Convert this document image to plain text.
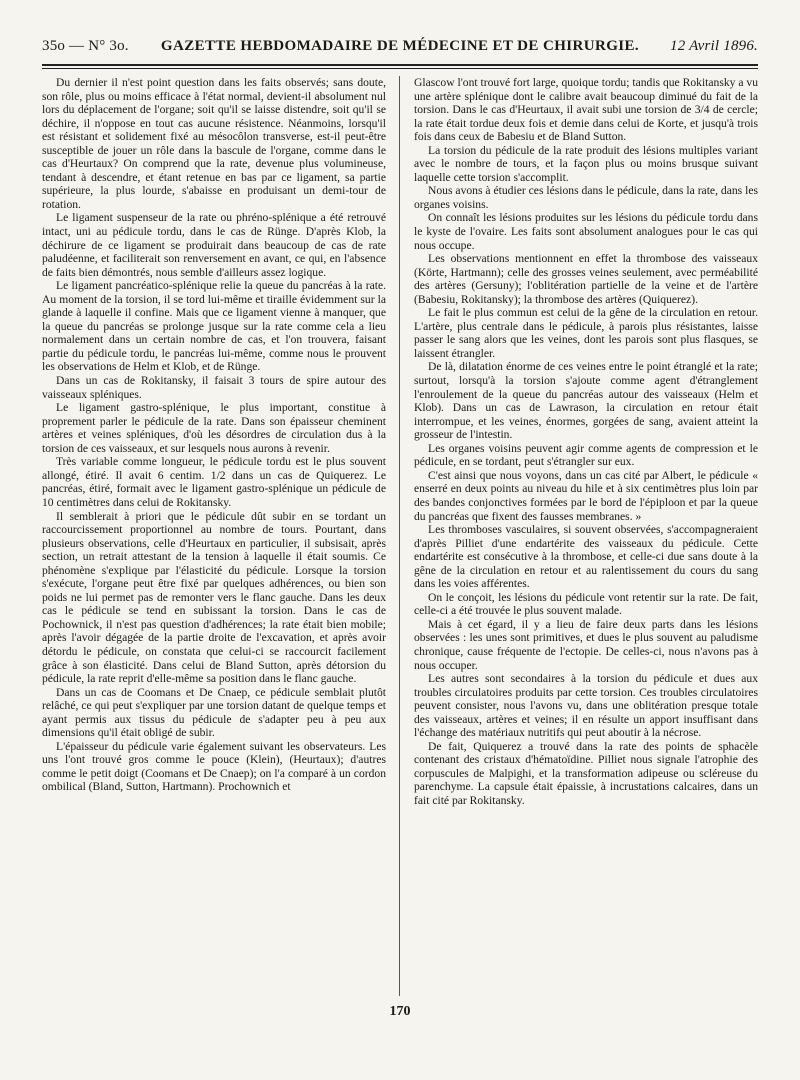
35o — N° 3o.	GAZETTE HEBDOMADAIRE DE MÉDECINE ET DE CHIRURGIE.	12 Avril 1896.

Du dernier il n'est point question dans les faits observés; sans doute, son rôle, plus ou moins efficace à l'état normal, devient-il absolument nul lors du déplacement de l'organe; soit qu'il se laisse distendre, soit qu'il se déchire, il n'oppose en tout cas aucune résistence. Néanmoins, lorsqu'il est résistant et solidement fixé au mésocôlon transverse, est-il peut-être susceptible de jouer un rôle dans la bascule de l'organe, comme dans le cas d'Heurtaux? On comprend que la rate, devenue plus volumineuse, tendant à descendre, et étant retenue en bas par ce ligament, sa partie supérieure, la plus lourde, s'abaisse en produisant un demi-tour de rotation.

Le ligament suspenseur de la rate ou phréno-splénique a été retrouvé intact, uni au pédicule tordu, dans le cas de Rünge. D'après Klob, la déchirure de ce ligament se produirait dans beaucoup de cas de rate paludéenne, et faciliterait son renversement en avant, ce qui, en l'absence de faits bien démontrés, nous semble d'ailleurs assez logique.

Le ligament pancréatico-splénique relie la queue du pancréas à la rate. Au moment de la torsion, il se tord lui-même et tiraille évidemment sur la glande à laquelle il confine. Mais que ce ligament vienne à manquer, que la queue du pancréas se prolonge jusque sur la rate comme cela a lieu normalement dans un certain nombre de cas, et l'on trouvera, faisant partie du pédicule tordu, le pancréas lui-même, comme nous le prouvent les observations de Helm et Klob, et de Rünge.

Dans un cas de Rokitansky, il faisait 3 tours de spire autour des vaisseaux spléniques.

Le ligament gastro-splénique, le plus important, constitue à proprement parler le pédicule de la rate. Dans son épaisseur cheminent artères et veines spléniques, d'où les désordres de circulation dus à la torsion de ces vaisseaux, et sur lesquels nous aurons à revenir.

Très variable comme longueur, le pédicule tordu est le plus souvent allongé, étiré. Il avait 6 centim. 1/2 dans un cas de Quiquerez. Le pancréas, étiré, formait avec le ligament gastro-splénique un pédicule de 10 centimètres dans celui de Rokitansky.

Il semblerait à priori que le pédicule dût subir en se tordant un raccourcissement proportionnel au nombre de tours. Pourtant, dans plusieurs observations, celle d'Heurtaux en particulier, il subsisait, après section, un retrait attestant de la tension à laquelle il était soumis. Ce phénomène s'explique par l'élasticité du pédicule. Lorsque la torsion s'exécute, l'organe peut être fixé par quelques adhérences, ou bien son poids ne lui permet pas de remonter vers le flanc gauche. Dans les deux cas le pédicule se tend en subissant la torsion. Dans le cas de Pochownick, il n'est pas question d'adhérences; la rate était bien mobile; après l'avoir dégagée de la partie droite de l'excavation, et après avoir détordu le pédicule, on constata que celui-ci se raccourcit facilement grâce à son élasticité. Dans celui de Bland Sutton, après détorsion du pédicule, la rate reprit d'elle-même sa position dans le flanc gauche.

Dans un cas de Coomans et De Cnaep, ce pédicule semblait plutôt relâché, ce qui peut s'expliquer par une torsion datant de quelque temps et ayant permis aux tissus du pédicule de s'adapter peu à peu aux dimensions qu'il était obligé de subir.

L'épaisseur du pédicule varie également suivant les observateurs. Les uns l'ont trouvé gros comme le pouce (Klein), (Heurtaux); d'autres comme le petit doigt (Coomans et De Cnaep); on l'a comparé à un cordon ombilical (Bland, Sutton, Hartmann). Prochownich et

Glascow l'ont trouvé fort large, quoique tordu; tandis que Rokitansky a vu une artère splénique dont le calibre avait beaucoup diminué du fait de la torsion. Dans le cas d'Heurtaux, il avait subi une torsion de 3/4 de cercle; la rate était tordue deux fois et demie dans celui de Korte, et jusqu'à trois fois dans ceux de Babesiu et de Bland Sutton.

La torsion du pédicule de la rate produit des lésions multiples variant avec le nombre de tours, et la façon plus ou moins brusque suivant laquelle cette torsion s'accomplit.

Nous avons à étudier ces lésions dans le pédicule, dans la rate, dans les organes voisins.

On connaît les lésions produites sur les lésions du pédicule tordu dans le kyste de l'ovaire. Les faits sont absolument analogues pour le cas qui nous occupe.

Les observations mentionnent en effet la thrombose des vaisseaux (Körte, Hartmann); celle des grosses veines seulement, avec perméabilité des artères (Gersuny); l'oblitération partielle de la veine et de l'artère (Babesiu, Rokitansky); la thrombose des artères (Quiquerez).

Le fait le plus commun est celui de la gêne de la circulation en retour. L'artère, plus centrale dans le pédicule, à parois plus résistantes, laisse passer le sang alors que les veines, dont les parois sont plus flasques, se laissent étrangler.

De là, dilatation énorme de ces veines entre le point étranglé et la rate; surtout, lorsqu'à la torsion s'ajoute comme agent d'étranglement l'enroulement de la queue du pancréas autour des vaisseaux (Helm et Klob). Dans un cas de Lawrason, la circulation en retour était interrompue, et les veines, énormes, gorgées de sang, avaient atteint la grosseur de l'intestin.

Les organes voisins peuvent agir comme agents de compression et le pédicule, en se tordant, peut s'étrangler sur eux.

C'est ainsi que nous voyons, dans un cas cité par Albert, le pédicule « enserré en deux points au niveau du hile et à six centimètres plus loin par des bandes conjonctives formées par le bord de l'épiploon et par la queue du pancréas que fixent des fausses membranes. »

Les thromboses vasculaires, si souvent observées, s'accompagneraient d'après Pilliet d'une endartérite des vaisseaux du pédicule. Cette endartérite est consécutive à la thrombose, et celle-ci due sans doute à la gêne de la circulation en retour et au ralentissement du cours du sang dans les voies afférentes.

On le conçoit, les lésions du pédicule vont retentir sur la rate. De fait, celle-ci a été trouvée le plus souvent malade.

Mais à cet égard, il y a lieu de faire deux parts dans les lésions observées : les unes sont primitives, et dues le plus souvent au paludisme chronique, cause fréquente de l'ectopie. De celles-ci, nous n'avons pas à nous occuper.

Les autres sont secondaires à la torsion du pédicule et dues aux troubles circulatoires produits par cette torsion. Ces troubles circulatoires peuvent consister, nous l'avons vu, dans une oblitération presque totale des vaisseaux, artères et veines; il en résulte un apport insuffisant dans l'échange des matériaux nutritifs qui peut aboutir à la nécrose.

De fait, Quiquerez a trouvé dans la rate des points de sphacèle contenant des cristaux d'hématoïdine. Pilliet nous signale l'atrophie des corpuscules de Malpighi, et la transformation adipeuse ou scléreuse du parenchyme. La capsule était épaissie, à incrustations calcaires, dans un fait cité par Rokitansky.

170
